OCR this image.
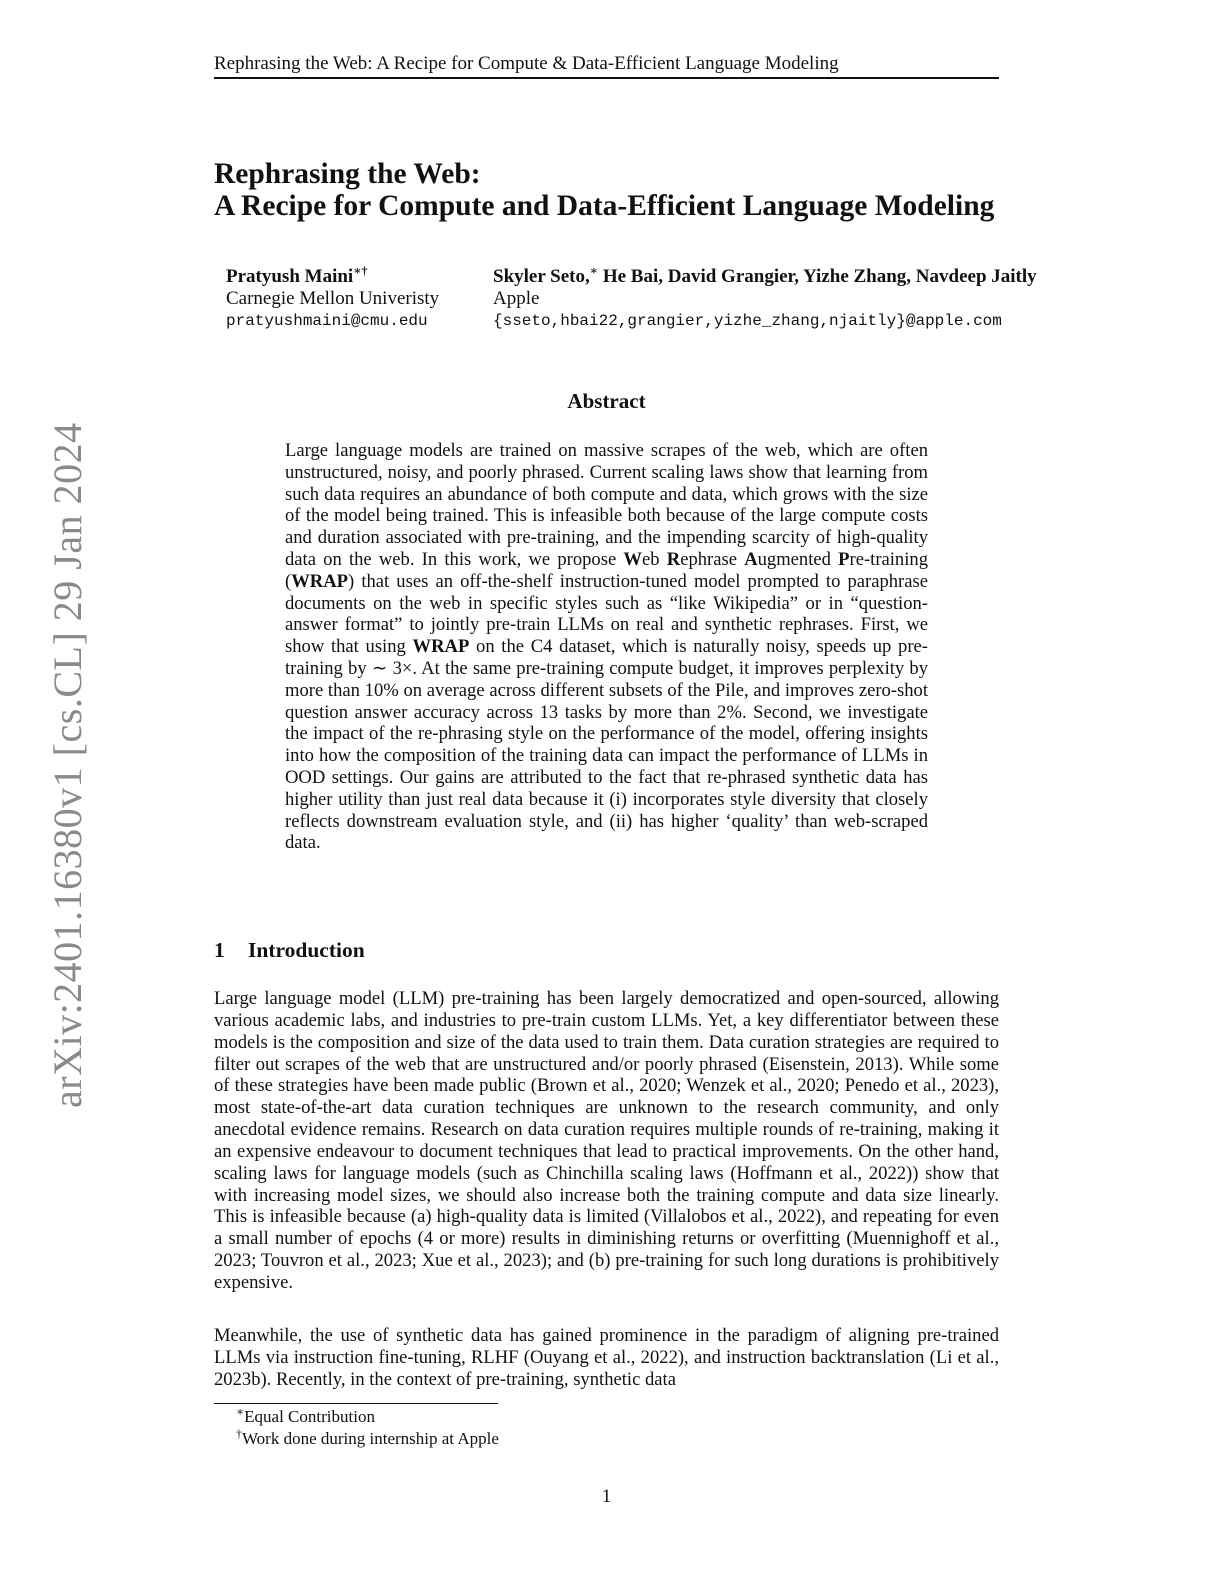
arXiv:2401.16380v1 [cs.CL] 29 Jan 2024
Rephrasing the Web: A Recipe for Compute & Data-Efficient Language Modeling
Rephrasing the Web:
A Recipe for Compute and Data-Efficient Language Modeling
Pratyush Maini∗†
Carnegie Mellon Univeristy
pratyushmaini@cmu.edu
Skyler Seto,∗ He Bai, David Grangier, Yizhe Zhang, Navdeep Jaitly
Apple
{sseto,hbai22,grangier,yizhe_zhang,njaitly}@apple.com
Abstract
Large language models are trained on massive scrapes of the web, which are often unstructured, noisy, and poorly phrased. Current scaling laws show that learning from such data requires an abundance of both compute and data, which grows with the size of the model being trained. This is infeasible both because of the large compute costs and duration associated with pre-training, and the impending scarcity of high-quality data on the web. In this work, we propose Web Rephrase Augmented Pre-training (WRAP) that uses an off-the-shelf instruction-tuned model prompted to paraphrase documents on the web in specific styles such as “like Wikipedia” or in “question-answer format” to jointly pre-train LLMs on real and synthetic rephrases. First, we show that using WRAP on the C4 dataset, which is naturally noisy, speeds up pre-training by ∼ 3×. At the same pre-training compute budget, it improves perplexity by more than 10% on average across different subsets of the Pile, and improves zero-shot question answer accuracy across 13 tasks by more than 2%. Second, we investigate the impact of the re-phrasing style on the performance of the model, offering insights into how the composition of the training data can impact the performance of LLMs in OOD settings. Our gains are attributed to the fact that re-phrased synthetic data has higher utility than just real data because it (i) incorporates style diversity that closely reflects downstream evaluation style, and (ii) has higher ‘quality’ than web-scraped data.
1 Introduction
Large language model (LLM) pre-training has been largely democratized and open-sourced, allowing various academic labs, and industries to pre-train custom LLMs. Yet, a key differentiator between these models is the composition and size of the data used to train them. Data curation strategies are required to filter out scrapes of the web that are unstructured and/or poorly phrased (Eisenstein, 2013). While some of these strategies have been made public (Brown et al., 2020; Wenzek et al., 2020; Penedo et al., 2023), most state-of-the-art data curation techniques are unknown to the research community, and only anecdotal evidence remains. Research on data curation requires multiple rounds of re-training, making it an expensive endeavour to document techniques that lead to practical improvements. On the other hand, scaling laws for language models (such as Chinchilla scaling laws (Hoffmann et al., 2022)) show that with increasing model sizes, we should also increase both the training compute and data size linearly. This is infeasible because (a) high-quality data is limited (Villalobos et al., 2022), and repeating for even a small number of epochs (4 or more) results in diminishing returns or overfitting (Muennighoff et al., 2023; Touvron et al., 2023; Xue et al., 2023); and (b) pre-training for such long durations is prohibitively expensive.
Meanwhile, the use of synthetic data has gained prominence in the paradigm of aligning pre-trained LLMs via instruction fine-tuning, RLHF (Ouyang et al., 2022), and instruction backtranslation (Li et al., 2023b). Recently, in the context of pre-training, synthetic data
∗Equal Contribution
†Work done during internship at Apple
1
